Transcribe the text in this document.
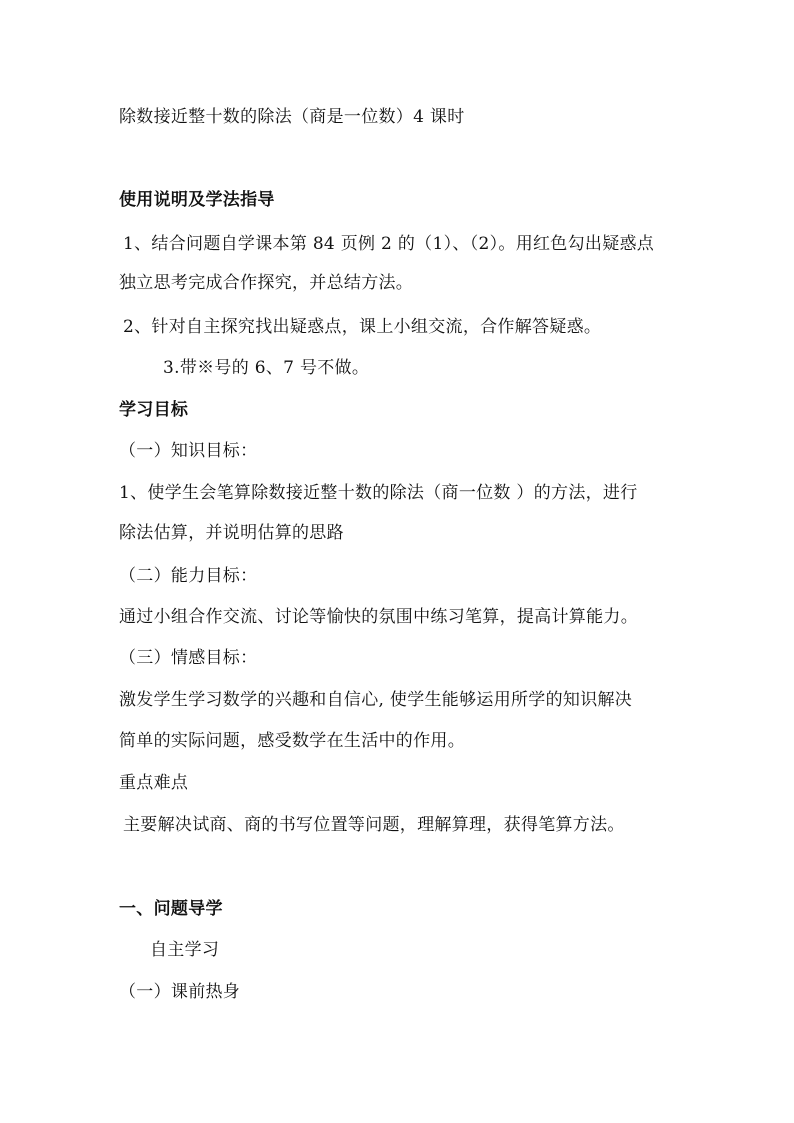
除数接近整十数的除法（商是一位数）4 课时
使用说明及学法指导
1、结合问题自学课本第 84 页例 2 的（1）、（2）。用红色勾出疑惑点
独立思考完成合作探究，并总结方法。
2、针对自主探究找出疑惑点，课上小组交流，合作解答疑惑。
3.带※号的 6、7 号不做。
学习目标
（一）知识目标：
1、使学生会笔算除数接近整十数的除法（商一位数 ）的方法，进行
除法估算，并说明估算的思路
（二）能力目标：
通过小组合作交流、讨论等愉快的氛围中练习笔算，提高计算能力。
（三）情感目标：
激发学生学习数学的兴趣和自信心, 使学生能够运用所学的知识解决
简单的实际问题，感受数学在生活中的作用。
重点难点
主要解决试商、商的书写位置等问题，理解算理，获得笔算方法。
一、问题导学
自主学习
（一）课前热身
